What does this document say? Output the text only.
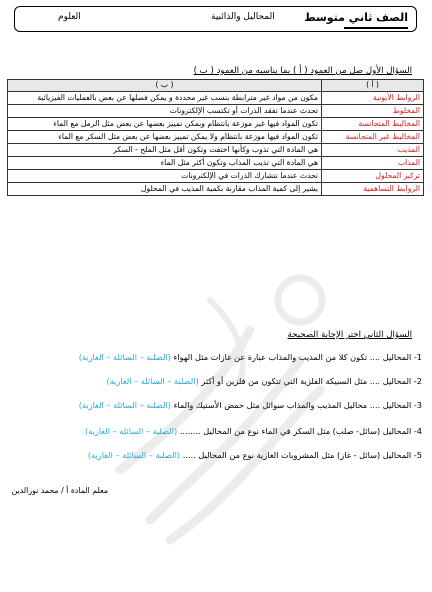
الصف ثاني متوسط
المحاليل والذائبية
العلوم
السؤال الأول صل من العمود ( أ ) بما يناسبه من العمود ( ب )
( أ )	( ب )
الروابط الأيونية	مكون من مواد غير مترابطة بنسب غير محددة و يمكن فصلها عن بعض بالعمليات الفيزيائية
المخلوط	تحدث عندما تفقد الذرات أو تكتسب الإلكترونات
المخاليط المتجانسة	تكون المواد فيها غير موزعة بانتظام وبمكن تمييز بعضها عن بعض مثل الرمل مع الماء
المخاليط غير المتجانسة	تكون المواد فيها موزعة بانتظام ولا يمكن تمييز بعضها عن بعض مثل السكر مع الماء
المذيب	هي المادة التي تذوب وكأنها اختفت وتكون أقل مثل الملح - السكر
المذاب	هي المادة التي تذيب المذاب وتكون أكثر مثل الماء
تركيز المحلول	تحدث عندما تتشارك الذرات في الإلكترونات
الروابط التساهمية	يشير إلى كمية المذاب مقارنة بكمية المذيب في المحلول
السؤال الثاني اختر الإجابة الصحيحة
1- المحاليل .... تكون كلا من المذيب والمذاب عبارة عن غازات مثل الهواء (الصلبة – السائلة – الغازية)
2- المحاليل .... مثل السبيكة الفلزية التي تتكون من فلزين أو أكثر (الصلبة – السائلة – الغازية)
3- المحاليل .... محاليل المذيب والمذاب سوائل مثل حمض الأستيك والماء (الصلبة – السائلة – الغازية)
4- المحاليل (سائل- صلب) مثل السكر في الماء نوع من المحاليل ........ (الصلبة – السائلة – الغازية)
5- المحاليل (سائل - غاز) مثل المشروبات الغازية نوع من المحاليل ..... (الصلبة – السائلة – الغازية)
معلم المادة أ / محمد نورالدين
